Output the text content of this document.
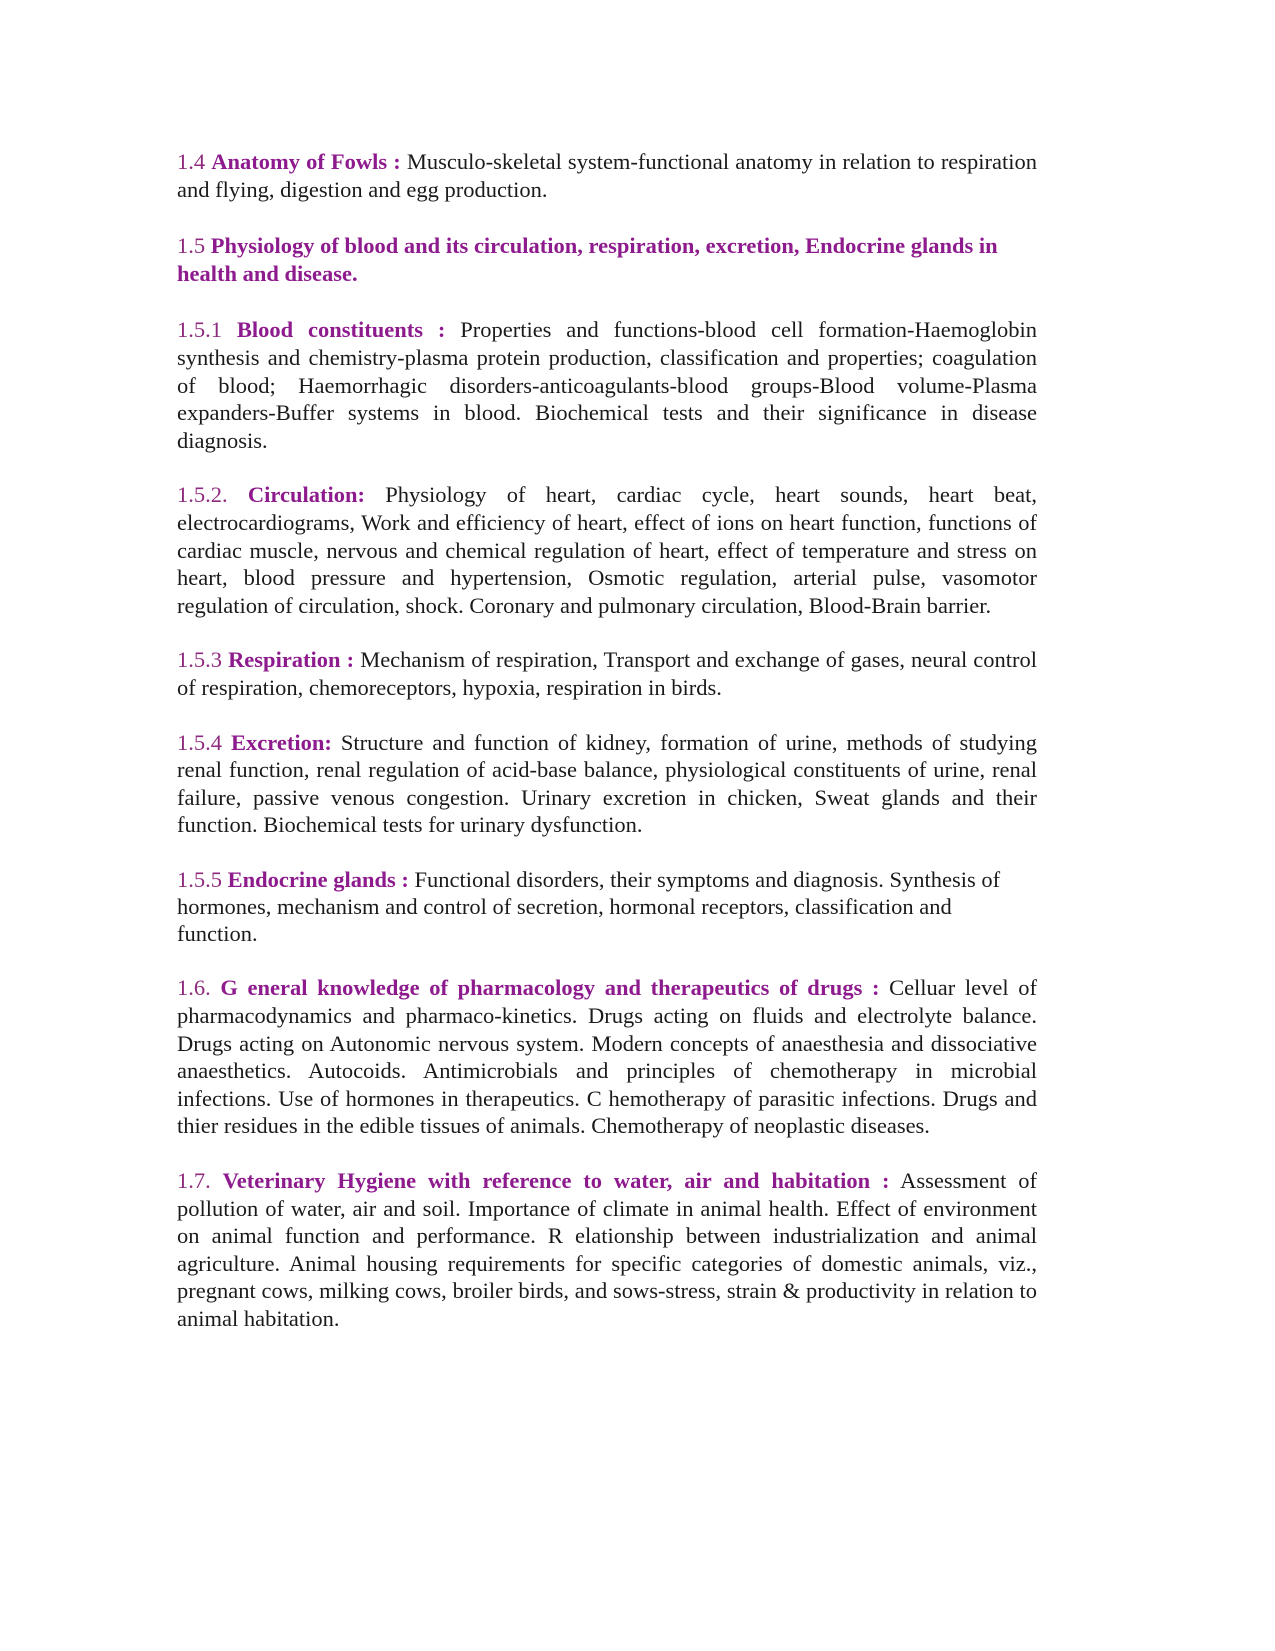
1.4 Anatomy of Fowls : Musculo-skeletal system-functional anatomy in relation to respiration and flying, digestion and egg production.

1.5 Physiology of blood and its circulation, respiration, excretion, Endocrine glands in health and disease.

1.5.1 Blood constituents : Properties and functions-blood cell formation-Haemoglobin synthesis and chemistry-plasma protein production, classification and properties; coagulation of blood; Haemorrhagic disorders-anticoagulants-blood groups-Blood volume-Plasma expanders-Buffer systems in blood. Biochemical tests and their significance in disease diagnosis.

1.5.2. Circulation: Physiology of heart, cardiac cycle, heart sounds, heart beat, electrocardiograms, Work and efficiency of heart, effect of ions on heart function, functions of cardiac muscle, nervous and chemical regulation of heart, effect of temperature and stress on heart, blood pressure and hypertension, Osmotic regulation, arterial pulse, vasomotor regulation of circulation, shock. Coronary and pulmonary circulation, Blood-Brain barrier.

1.5.3 Respiration : Mechanism of respiration, Transport and exchange of gases, neural control of respiration, chemoreceptors, hypoxia, respiration in birds.

1.5.4 Excretion: Structure and function of kidney, formation of urine, methods of studying renal function, renal regulation of acid-base balance, physiological constituents of urine, renal failure, passive venous congestion. Urinary excretion in chicken, Sweat glands and their function. Biochemical tests for urinary dysfunction.

1.5.5 Endocrine glands : Functional disorders, their symptoms and diagnosis. Synthesis of hormones, mechanism and control of secretion, hormonal receptors, classification and function.

1.6. G eneral knowledge of pharmacology and therapeutics of drugs : Celluar level of pharmacodynamics and pharmaco-kinetics. Drugs acting on fluids and electrolyte balance. Drugs acting on Autonomic nervous system. Modern concepts of anaesthesia and dissociative anaesthetics. Autocoids. Antimicrobials and principles of chemotherapy in microbial infections. Use of hormones in therapeutics. C hemotherapy of parasitic infections. Drugs and thier residues in the edible tissues of animals. Chemotherapy of neoplastic diseases.

1.7. Veterinary Hygiene with reference to water, air and habitation : Assessment of pollution of water, air and soil. Importance of climate in animal health. Effect of environment on animal function and performance. R elationship between industrialization and animal agriculture. Animal housing requirements for specific categories of domestic animals, viz., pregnant cows, milking cows, broiler birds, and sows-stress, strain & productivity in relation to animal habitation.
